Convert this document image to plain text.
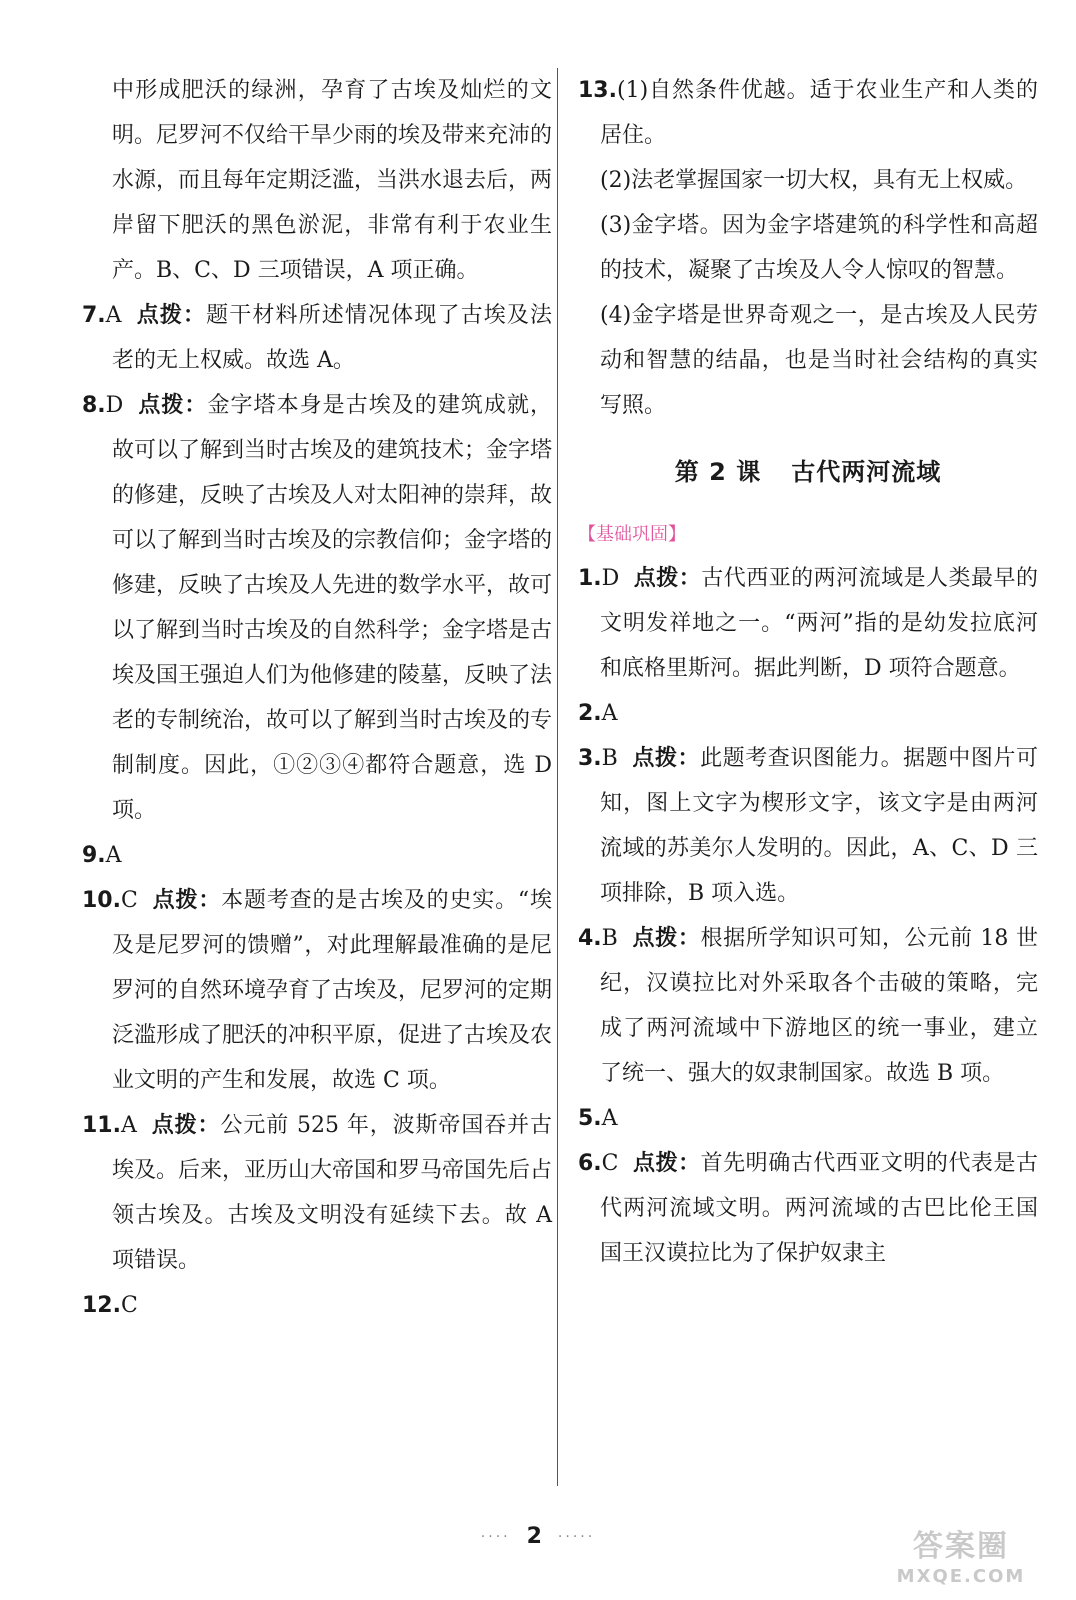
中形成肥沃的绿洲，孕育了古埃及灿烂的文明。尼罗河不仅给干旱少雨的埃及带来充沛的水源，而且每年定期泛滥，当洪水退去后，两岸留下肥沃的黑色淤泥，非常有利于农业生产。B、C、D 三项错误，A 项正确。
7.A 点拨：题干材料所述情况体现了古埃及法老的无上权威。故选 A。
8.D 点拨：金字塔本身是古埃及的建筑成就，故可以了解到当时古埃及的建筑技术；金字塔的修建，反映了古埃及人对太阳神的崇拜，故可以了解到当时古埃及的宗教信仰；金字塔的修建，反映了古埃及人先进的数学水平，故可以了解到当时古埃及的自然科学；金字塔是古埃及国王强迫人们为他修建的陵墓，反映了法老的专制统治，故可以了解到当时古埃及的专制制度。因此，①②③④都符合题意，选 D 项。
9.A
10.C 点拨：本题考查的是古埃及的史实。“埃及是尼罗河的馈赠”，对此理解最准确的是尼罗河的自然环境孕育了古埃及，尼罗河的定期泛滥形成了肥沃的冲积平原，促进了古埃及农业文明的产生和发展，故选 C 项。
11.A 点拨：公元前 525 年，波斯帝国吞并古埃及。后来，亚历山大帝国和罗马帝国先后占领古埃及。古埃及文明没有延续下去。故 A 项错误。
12.C
13.(1)自然条件优越。适于农业生产和人类的居住。
(2)法老掌握国家一切大权，具有无上权威。
(3)金字塔。因为金字塔建筑的科学性和高超的技术，凝聚了古埃及人令人惊叹的智慧。
(4)金字塔是世界奇观之一，是古埃及人民劳动和智慧的结晶，也是当时社会结构的真实写照。
第 2 课 古代两河流域
【基础巩固】
1.D 点拨：古代西亚的两河流域是人类最早的文明发祥地之一。“两河”指的是幼发拉底河和底格里斯河。据此判断，D 项符合题意。
2.A
3.B 点拨：此题考查识图能力。据题中图片可知，图上文字为楔形文字，该文字是由两河流域的苏美尔人发明的。因此，A、C、D 三项排除，B 项入选。
4.B 点拨：根据所学知识可知，公元前 18 世纪，汉谟拉比对外采取各个击破的策略，完成了两河流域中下游地区的统一事业，建立了统一、强大的奴隶制国家。故选 B 项。
5.A
6.C 点拨：首先明确古代西亚文明的代表是古代两河流域文明。两河流域的古巴比伦王国国王汉谟拉比为了保护奴隶主
···· 2 ·····	答案圈
MXQE.COM
